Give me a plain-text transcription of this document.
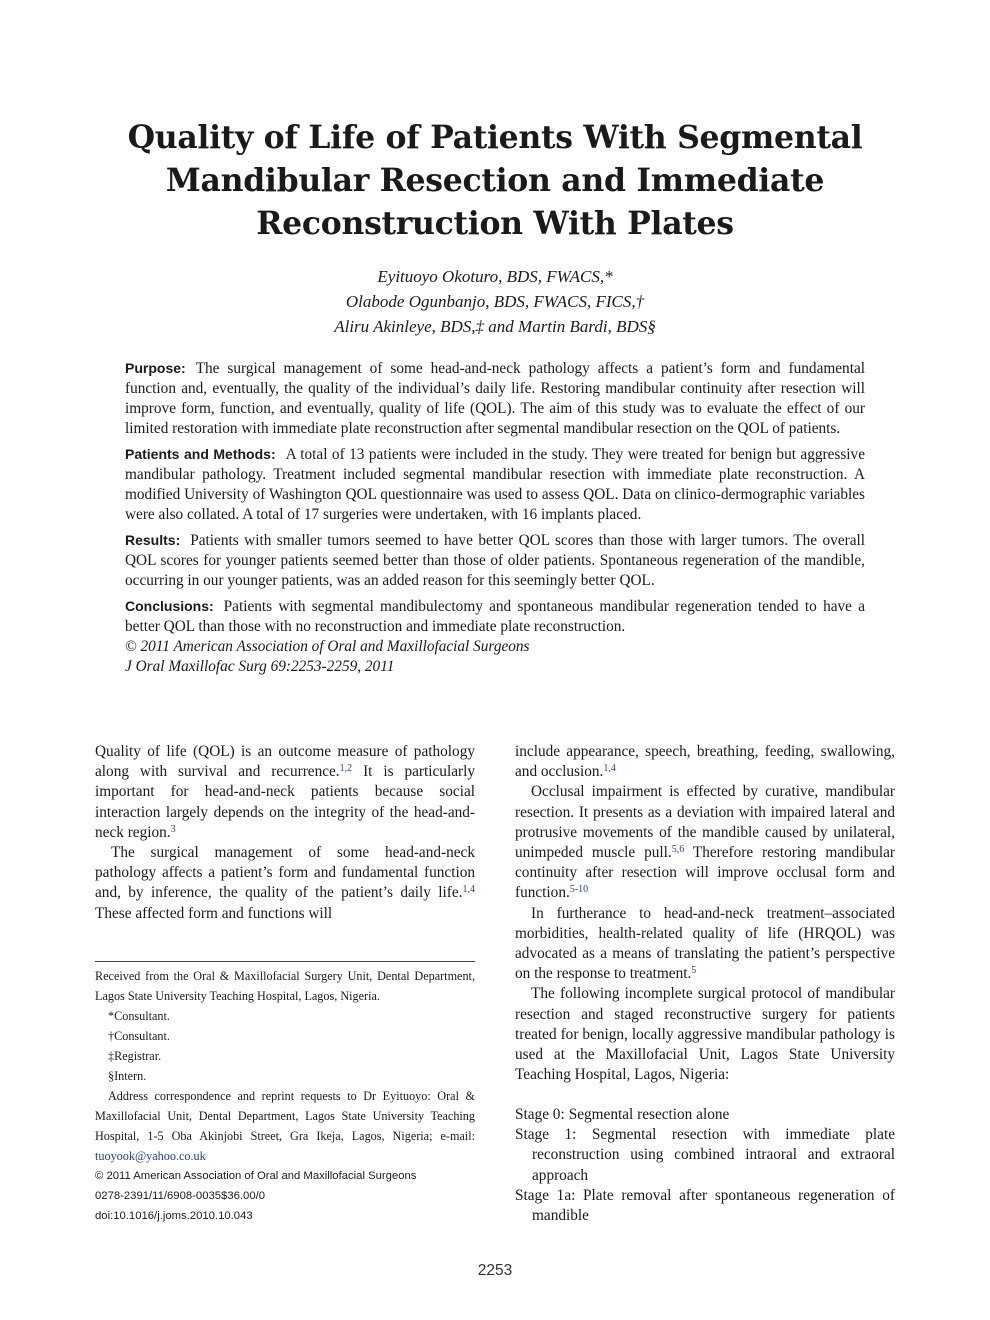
Quality of Life of Patients With Segmental
Mandibular Resection and Immediate
Reconstruction With Plates
Eyituoyo Okoturo, BDS, FWACS,*
Olabode Ogunbanjo, BDS, FWACS, FICS,†
Aliru Akinleye, BDS,‡ and Martin Bardi, BDS§

Purpose: The surgical management of some head-and-neck pathology affects a patient’s form and fundamental function and, eventually, the quality of the individual’s daily life. Restoring mandibular continuity after resection will improve form, function, and eventually, quality of life (QOL). The aim of this study was to evaluate the effect of our limited restoration with immediate plate reconstruction after segmental mandibular resection on the QOL of patients.

Patients and Methods: A total of 13 patients were included in the study. They were treated for benign but aggressive mandibular pathology. Treatment included segmental mandibular resection with immediate plate reconstruction. A modified University of Washington QOL questionnaire was used to assess QOL. Data on clinico-dermographic variables were also collated. A total of 17 surgeries were undertaken, with 16 implants placed.

Results: Patients with smaller tumors seemed to have better QOL scores than those with larger tumors. The overall QOL scores for younger patients seemed better than those of older patients. Spontaneous regeneration of the mandible, occurring in our younger patients, was an added reason for this seemingly better QOL.

Conclusions: Patients with segmental mandibulectomy and spontaneous mandibular regeneration tended to have a better QOL than those with no reconstruction and immediate plate reconstruction.

© 2011 American Association of Oral and Maxillofacial Surgeons
J Oral Maxillofac Surg 69:2253-2259, 2011

Quality of life (QOL) is an outcome measure of pathology along with survival and recurrence.$^{1,2}$ It is particularly important for head-and-neck patients because social interaction largely depends on the integrity of the head-and-neck region.$^3$

The surgical management of some head-and-neck pathology affects a patient’s form and fundamental function and, by inference, the quality of the patient’s daily life.$^{1,4}$ These affected form and functions will

Received from the Oral & Maxillofacial Surgery Unit, Dental Department, Lagos State University Teaching Hospital, Lagos, Nigeria.

*Consultant.

†Consultant.

‡Registrar.

§Intern.

Address correspondence and reprint requests to Dr Eyituoyo: Oral & Maxillofacial Unit, Dental Department, Lagos State University Teaching Hospital, 1-5 Oba Akinjobi Street, Gra Ikeja, Lagos, Nigeria; e-mail: tuoyook@yahoo.co.uk

© 2011 American Association of Oral and Maxillofacial Surgeons

0278-2391/11/6908-0035$36.00/0

doi:10.1016/j.joms.2010.10.043

include appearance, speech, breathing, feeding, swallowing, and occlusion.$^{1,4}$

Occlusal impairment is effected by curative, mandibular resection. It presents as a deviation with impaired lateral and protrusive movements of the mandible caused by unilateral, unimpeded muscle pull.$^{5,6}$ Therefore restoring mandibular continuity after resection will improve occlusal form and function.$^{5-10}$

In furtherance to head-and-neck treatment–associated morbidities, health-related quality of life (HRQOL) was advocated as a means of translating the patient’s perspective on the response to treatment.$^5$

The following incomplete surgical protocol of mandibular resection and staged reconstructive surgery for patients treated for benign, locally aggressive mandibular pathology is used at the Maxillofacial Unit, Lagos State University Teaching Hospital, Lagos, Nigeria:

Stage 0: Segmental resection alone
Stage 1: Segmental resection with immediate plate reconstruction using combined intraoral and extraoral approach
Stage 1a: Plate removal after spontaneous regeneration of mandible
2253
